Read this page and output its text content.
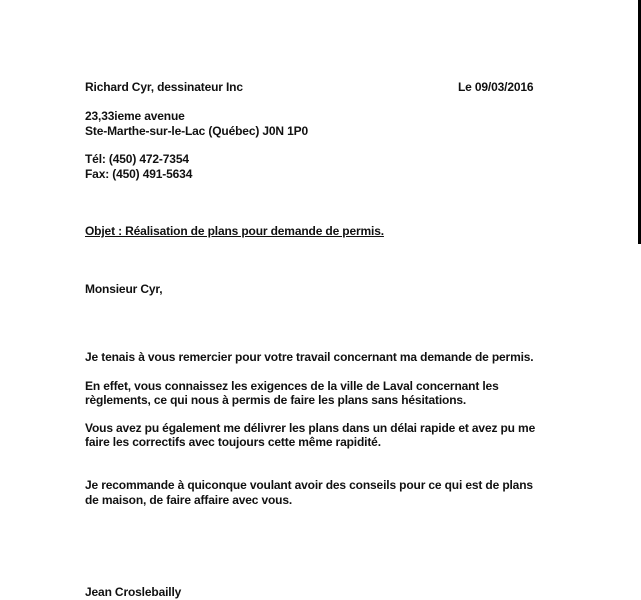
Richard Cyr, dessinateur Inc	Le 09/03/2016
23,33ieme avenue
Ste-Marthe-sur-le-Lac (Québec) J0N 1P0
Tél: (450) 472-7354
Fax: (450) 491-5634
Objet : Réalisation de plans pour demande de permis.
Monsieur Cyr,
Je tenais à vous remercier pour votre travail concernant ma demande de permis.
En effet, vous connaissez les exigences de la ville de Laval concernant les
règlements, ce qui nous à permis de faire les plans sans hésitations.
Vous avez pu également me délivrer les plans dans un délai rapide et avez pu me
faire les correctifs avec toujours cette même rapidité.
Je recommande à quiconque voulant avoir des conseils pour ce qui est de plans
de maison, de faire affaire avec vous.
Jean Croslebailly
